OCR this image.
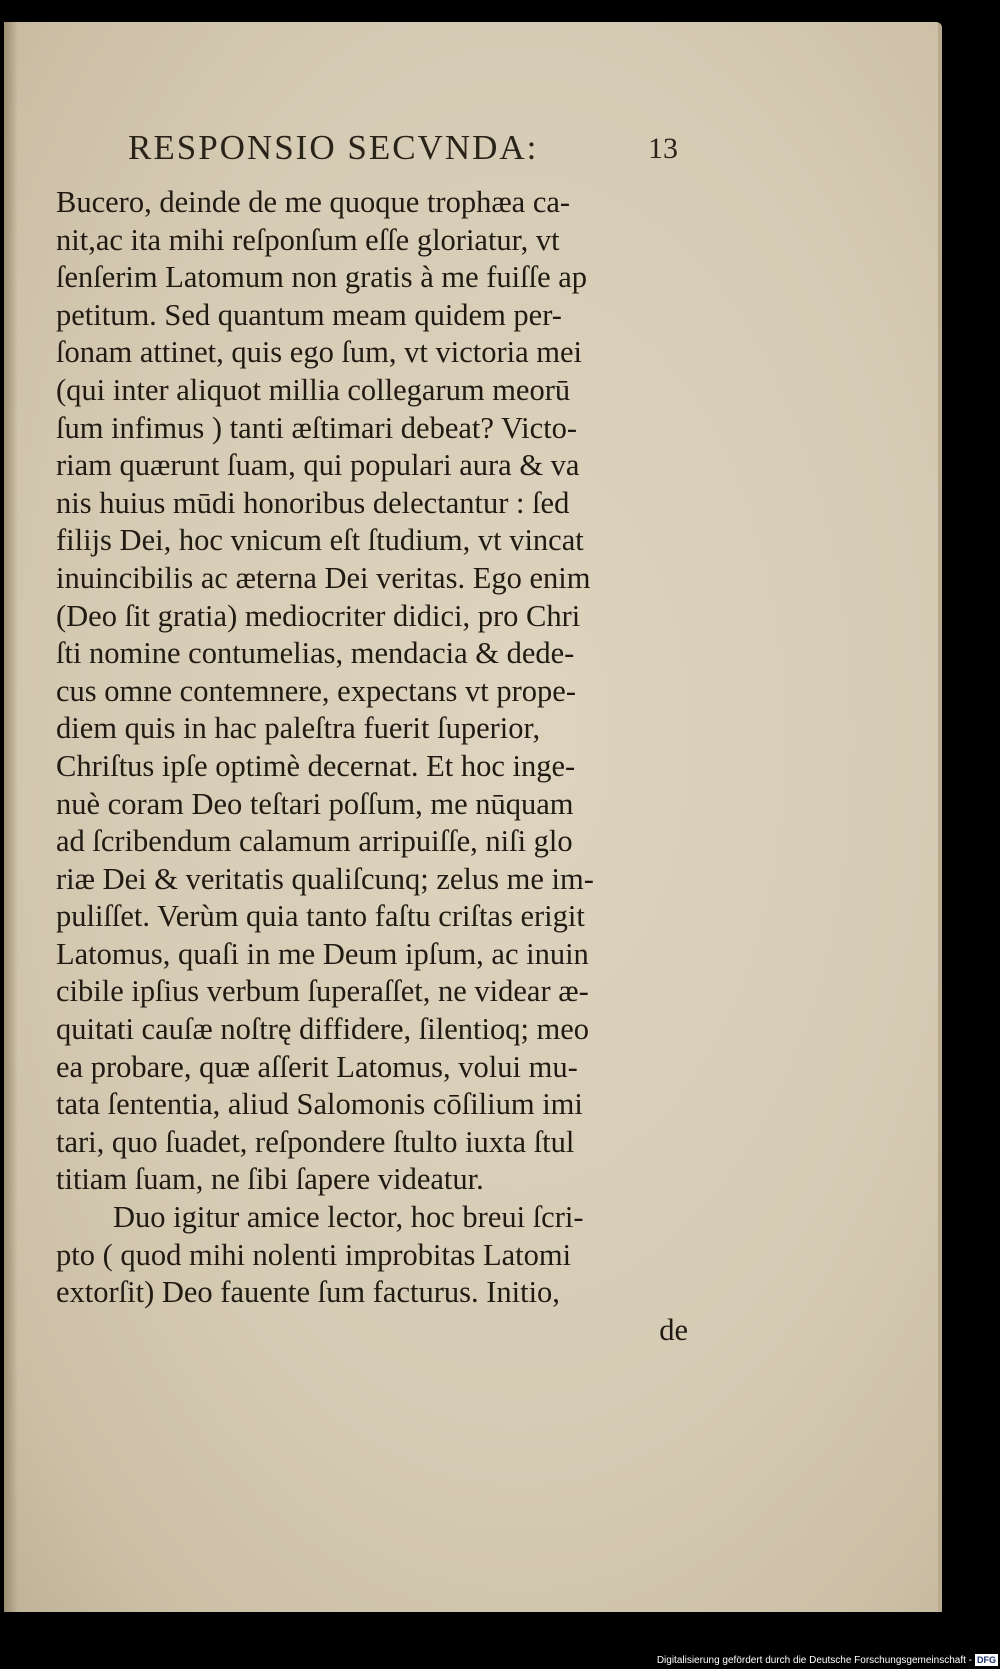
RESPONSIO SECVNDA:	13
Bucero, deinde de me quoque trophæa ca-
nit,ac ita mihi reſponſum eſſe gloriatur, vt
ſenſerim Latomum non gratis à me fuiſſe ap
petitum. Sed quantum meam quidem per-
ſonam attinet, quis ego ſum, vt victoria mei
(qui inter aliquot millia collegarum meorū
ſum infimus ) tanti æſtimari debeat? Victo-
riam quærunt ſuam, qui populari aura & va
nis huius mūdi honoribus delectantur : ſed
filijs Dei, hoc vnicum eſt ſtudium, vt vincat
inuincibilis ac æterna Dei veritas. Ego enim
(Deo ſit gratia) mediocriter didici, pro Chri
ſti nomine contumelias, mendacia & dede-
cus omne contemnere, expectans vt prope-
diem quis in hac paleſtra fuerit ſuperior,
Chriſtus ipſe optimè decernat. Et hoc inge-
nuè coram Deo teſtari poſſum, me nūquam
ad ſcribendum calamum arripuiſſe, niſi glo
riæ Dei & veritatis qualiſcunq; zelus me im-
puliſſet. Verùm quia tanto faſtu criſtas erigit
Latomus, quaſi in me Deum ipſum, ac inuin
cibile ipſius verbum ſuperaſſet, ne videar æ-
quitati cauſæ noſtrę diffidere, ſilentioq; meo
ea probare, quæ aſſerit Latomus, volui mu-
tata ſententia, aliud Salomonis cōſilium imi
tari, quo ſuadet, reſpondere ſtulto iuxta ſtul
titiam ſuam, ne ſibi ſapere videatur.
Duo igitur amice lector, hoc breui ſcri-
pto ( quod mihi nolenti improbitas Latomi
extorſit) Deo fauente ſum facturus. Initio,
de
Digitalisierung gefördert durch die Deutsche Forschungsgemeinschaft - DFG
